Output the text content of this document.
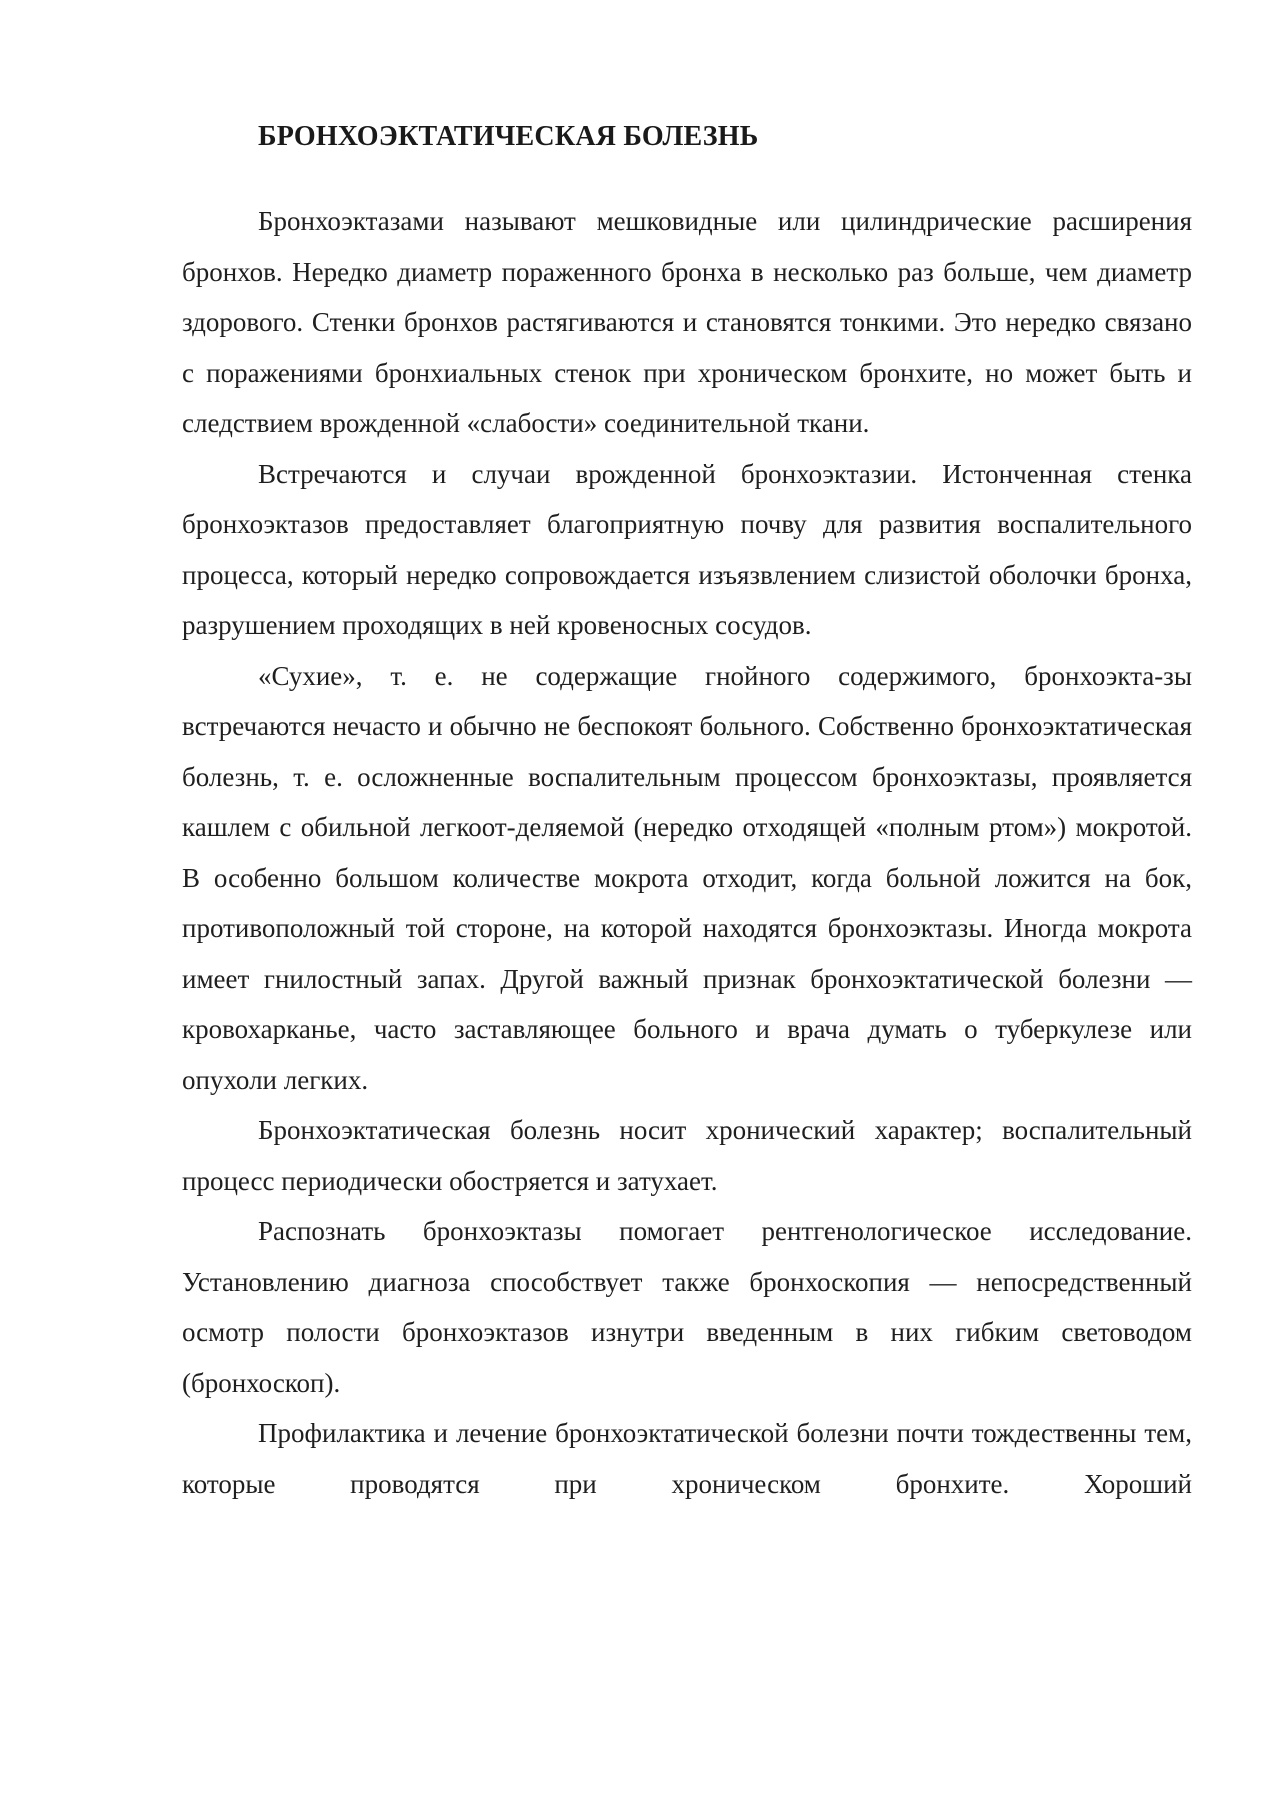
БРОНХОЭКТАТИЧЕСКАЯ БОЛЕЗНЬ

Бронхоэктазами называют мешковидные или цилиндрические расширения бронхов. Нередко диаметр пораженного бронха в несколько раз больше, чем диаметр здорового. Стенки бронхов растягиваются и становятся тонкими. Это нередко связано с поражениями бронхиальных стенок при хроническом бронхите, но может быть и следствием врожденной «слабости» соединительной ткани.

Встречаются и случаи врожденной бронхоэктазии. Истонченная стенка бронхоэктазов предоставляет благоприятную почву для развития воспалительного процесса, который нередко сопровождается изъязвлением слизистой оболочки бронха, разрушением проходящих в ней кровеносных сосудов.

«Сухие», т. е. не содержащие гнойного содержимого, бронхоэкта-зы встречаются нечасто и обычно не беспокоят больного. Собственно бронхоэктатическая болезнь, т. е. осложненные воспалительным процессом бронхоэктазы, проявляется кашлем с обильной легкоот-деляемой (нередко отходящей «полным ртом») мокротой. В особенно большом количестве мокрота отходит, когда больной ложится на бок, противоположный той стороне, на которой находятся бронхоэктазы. Иногда мокрота имеет гнилостный запах. Другой важный признак бронхоэктатической болезни — кровохарканье, часто заставляющее больного и врача думать о туберкулезе или опухоли легких.

Бронхоэктатическая болезнь носит хронический характер; воспалительный процесс периодически обостряется и затухает.

Распознать бронхоэктазы помогает рентгенологическое исследование. Установлению диагноза способствует также бронхоскопия — непосредственный осмотр полости бронхоэктазов изнутри введенным в них гибким световодом (бронхоскоп).

Профилактика и лечение бронхоэктатической болезни почти тождественны тем, которые проводятся при хроническом бронхите. Хороший
